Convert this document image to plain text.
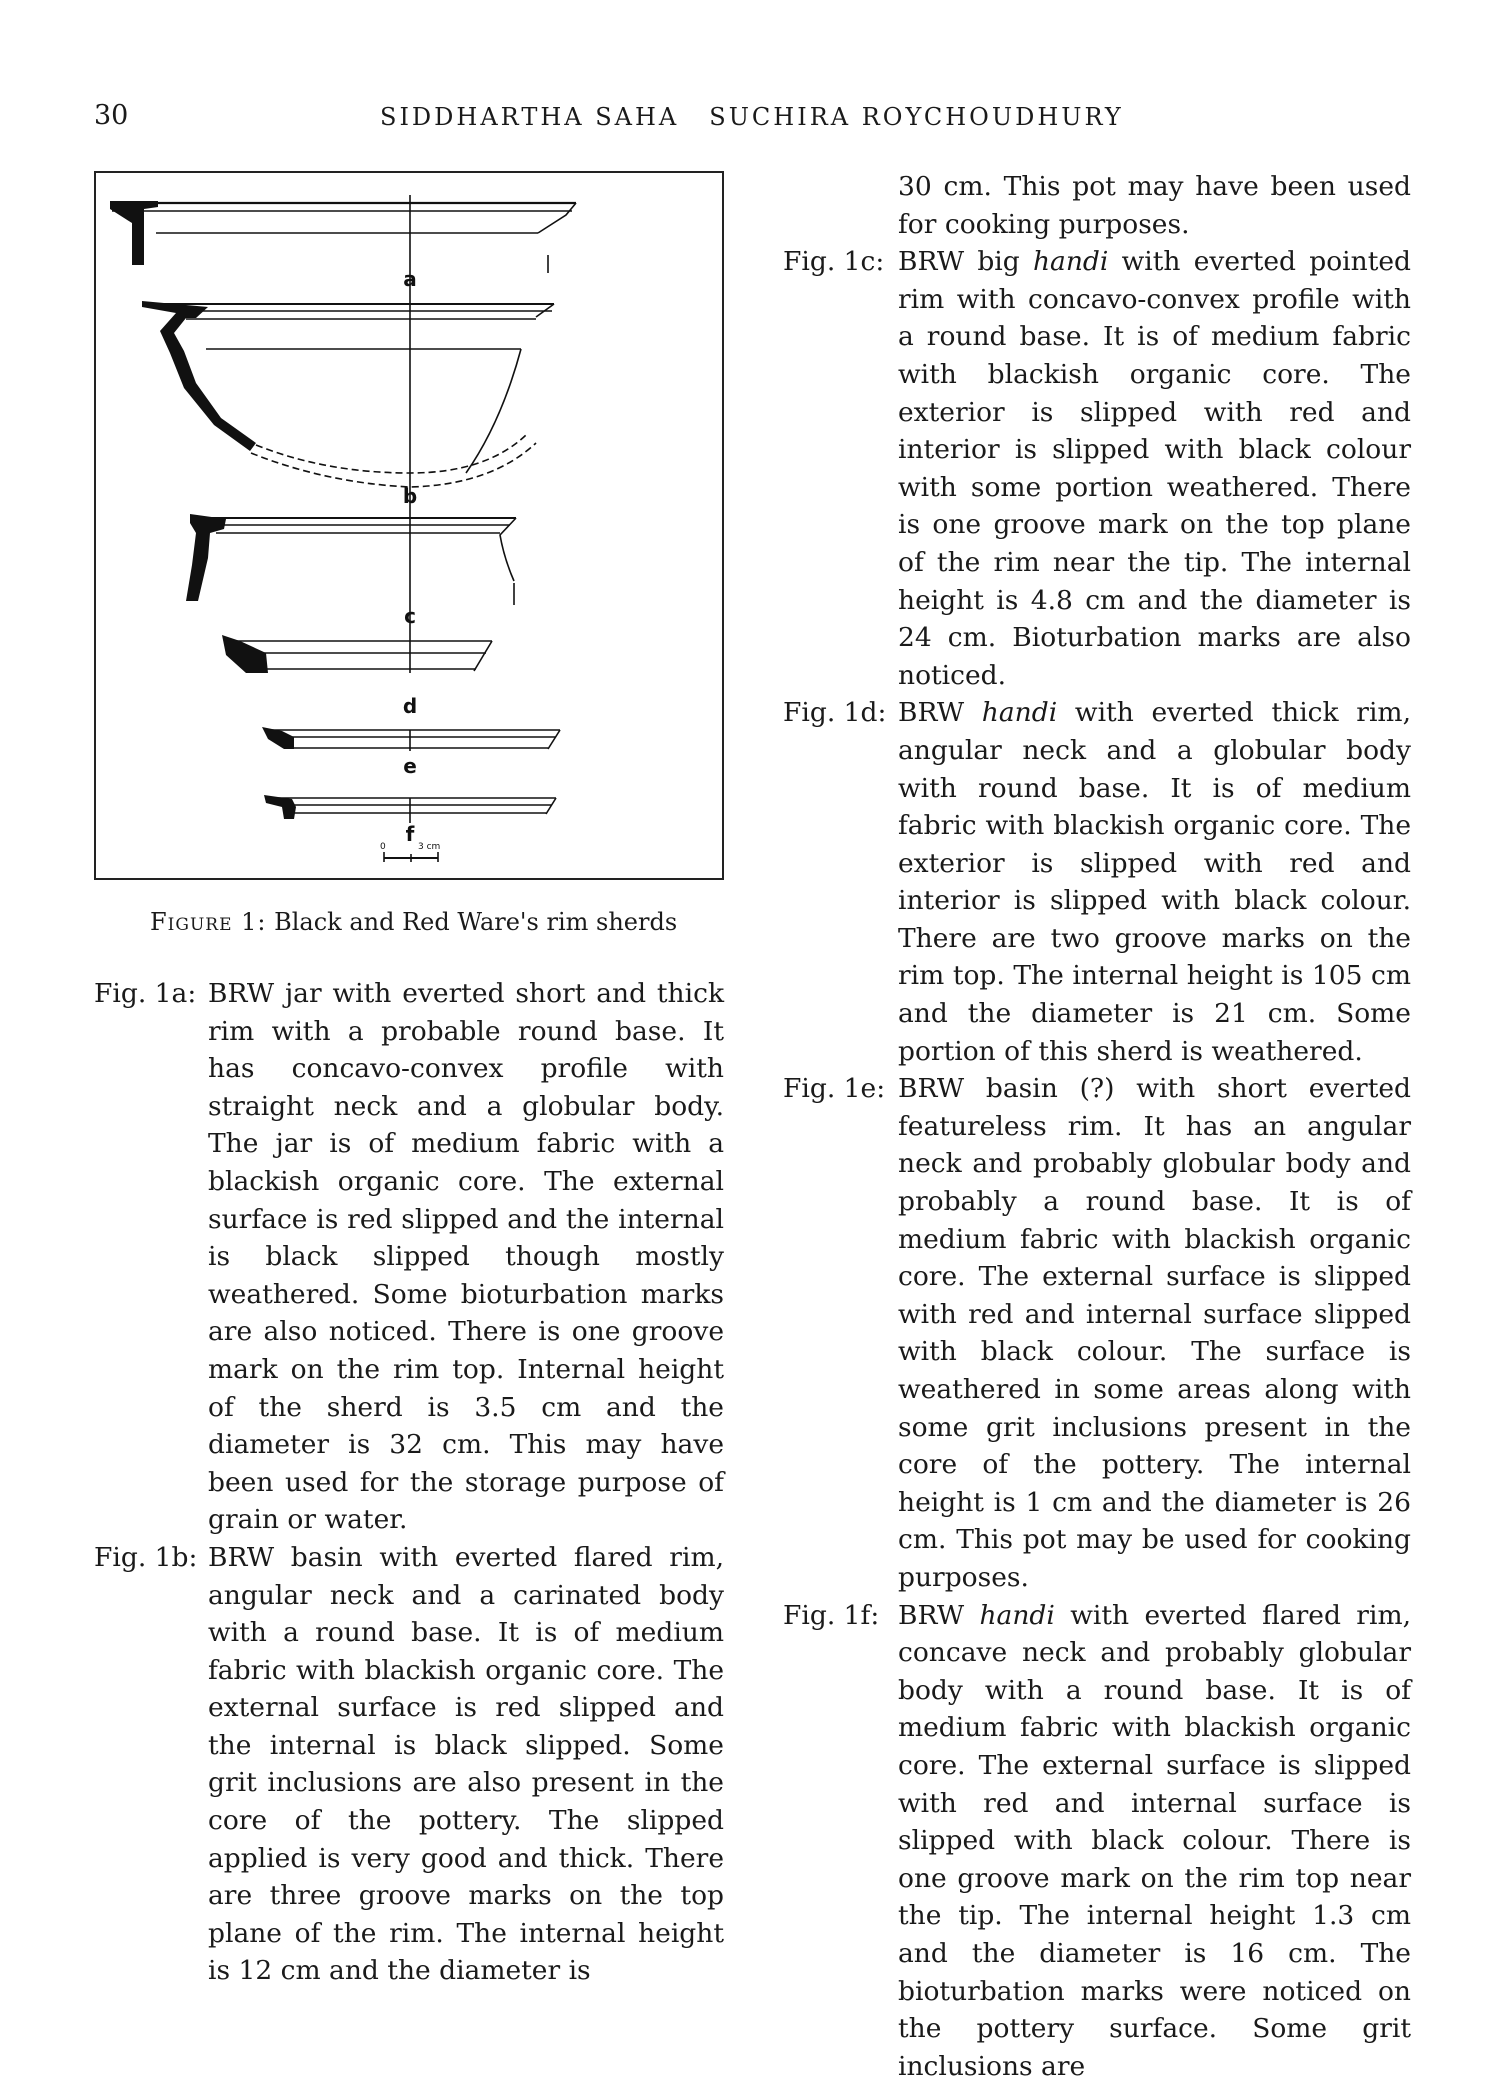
30	SIDDHARTHA SAHA SUCHIRA ROYCHOUDHURY
a
b
c
d
e
f
0	3 cm
Figure 1: Black and Red Ware's rim sherds
Fig. 1a: BRW jar with everted short and thick rim with a probable round base. It has concavo-convex profile with straight neck and a globular body. The jar is of medium fabric with a blackish organic core. The external surface is red slipped and the internal is black slipped though mostly weathered. Some bioturbation marks are also noticed. There is one groove mark on the rim top. Internal height of the sherd is 3.5 cm and the diameter is 32 cm. This may have been used for the storage purpose of grain or water.
Fig. 1b: BRW basin with everted flared rim, angular neck and a carinated body with a round base. It is of medium fabric with blackish organic core. The external surface is red slipped and the internal is black slipped. Some grit inclusions are also present in the core of the pottery. The slipped applied is very good and thick. There are three groove marks on the top plane of the rim. The internal height is 12 cm and the diameter is
30 cm. This pot may have been used for cooking purposes.
Fig. 1c: BRW big handi with everted pointed rim with concavo-convex profile with a round base. It is of medium fabric with blackish organic core. The exterior is slipped with red and interior is slipped with black colour with some portion weathered. There is one groove mark on the top plane of the rim near the tip. The internal height is 4.8 cm and the diameter is 24 cm. Bioturbation marks are also noticed.
Fig. 1d: BRW handi with everted thick rim, angular neck and a globular body with round base. It is of medium fabric with blackish organic core. The exterior is slipped with red and interior is slipped with black colour. There are two groove marks on the rim top. The internal height is 105 cm and the diameter is 21 cm. Some portion of this sherd is weathered.
Fig. 1e: BRW basin (?) with short everted featureless rim. It has an angular neck and probably globular body and probably a round base. It is of medium fabric with blackish organic core. The external surface is slipped with red and internal surface slipped with black colour. The surface is weathered in some areas along with some grit inclusions present in the core of the pottery. The internal height is 1 cm and the diameter is 26 cm. This pot may be used for cooking purposes.
Fig. 1f: BRW handi with everted flared rim, concave neck and probably globular body with a round base. It is of medium fabric with blackish organic core. The external surface is slipped with red and internal surface is slipped with black colour. There is one groove mark on the rim top near the tip. The internal height 1.3 cm and the diameter is 16 cm. The bioturbation marks were noticed on the pottery surface. Some grit inclusions are
